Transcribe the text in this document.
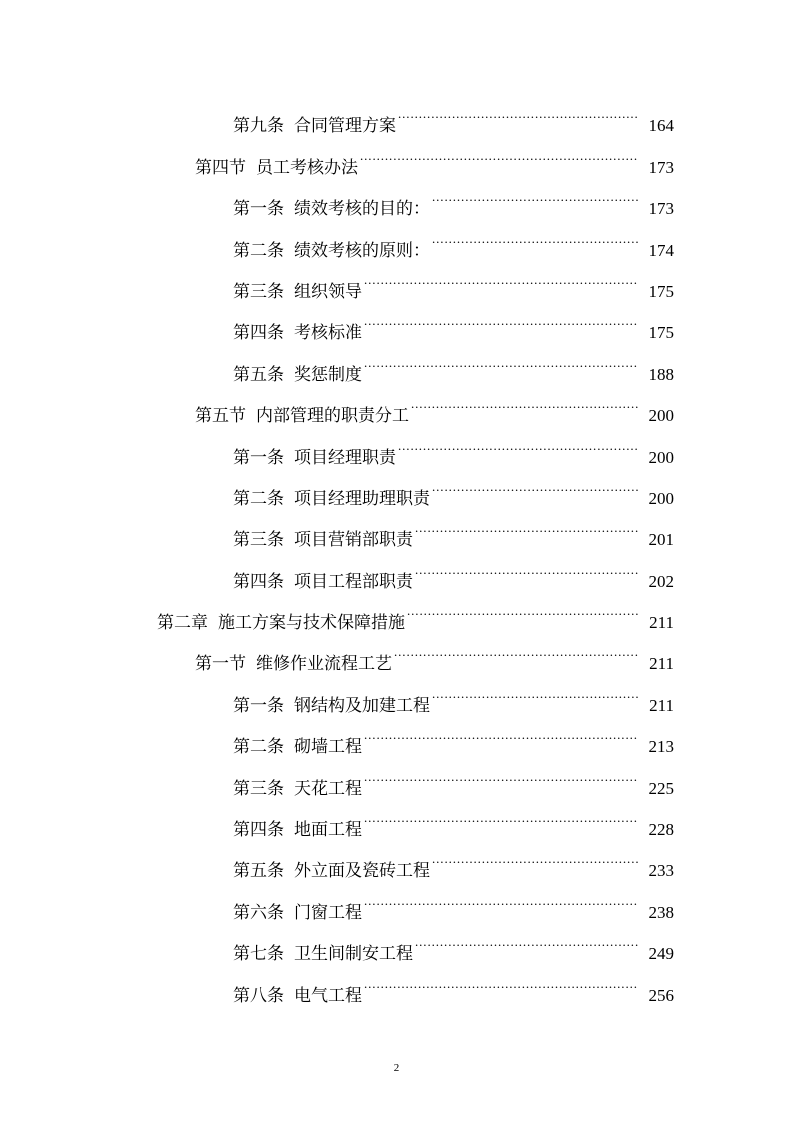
第九条 合同管理方案 .....	164
第四节 员工考核办法 .....	173
第一条 绩效考核的目的： .....	173
第二条 绩效考核的原则： .....	174
第三条 组织领导 .....	175
第四条 考核标准 .....	175
第五条 奖惩制度 .....	188
第五节 内部管理的职责分工 .....	200
第一条 项目经理职责 .....	200
第二条 项目经理助理职责 .....	200
第三条 项目营销部职责 .....	201
第四条 项目工程部职责 .....	202
第二章 施工方案与技术保障措施 .....	211
第一节 维修作业流程工艺 .....	211
第一条 钢结构及加建工程 .....	211
第二条 砌墙工程 .....	213
第三条 天花工程 .....	225
第四条 地面工程 .....	228
第五条 外立面及瓷砖工程 .....	233
第六条 门窗工程 .....	238
第七条 卫生间制安工程 .....	249
第八条 电气工程 .....	256
2
